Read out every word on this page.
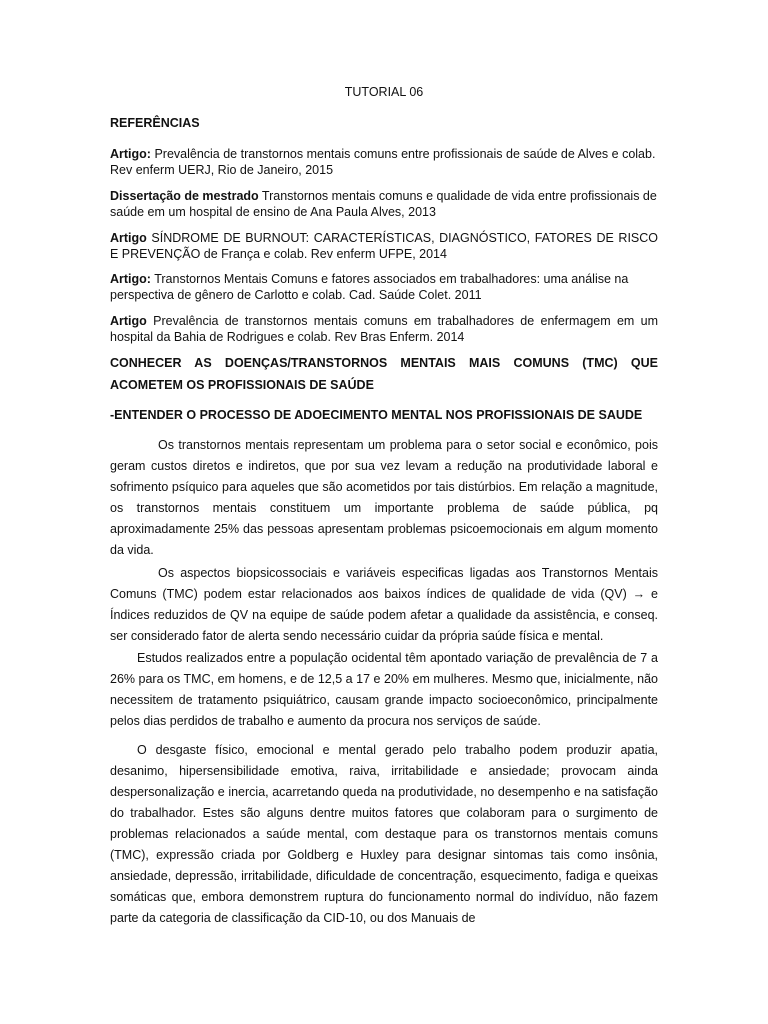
TUTORIAL 06
REFERÊNCIAS

Artigo: Prevalência de transtornos mentais comuns entre profissionais de saúde de Alves e colab. Rev enferm UERJ, Rio de Janeiro, 2015

Dissertação de mestrado Transtornos mentais comuns e qualidade de vida entre profissionais de saúde em um hospital de ensino de Ana Paula Alves, 2013

Artigo SÍNDROME DE BURNOUT: CARACTERÍSTICAS, DIAGNÓSTICO, FATORES DE RISCO E PREVENÇÃO de França e colab. Rev enferm UFPE, 2014

Artigo: Transtornos Mentais Comuns e fatores associados em trabalhadores: uma análise na perspectiva de gênero de Carlotto e colab. Cad. Saúde Colet. 2011

Artigo Prevalência de transtornos mentais comuns em trabalhadores de enfermagem em um hospital da Bahia de Rodrigues e colab. Rev Bras Enferm. 2014

CONHECER AS DOENÇAS/TRANSTORNOS MENTAIS MAIS COMUNS (TMC) QUE ACOMETEM OS PROFISSIONAIS DE SAÚDE

-ENTENDER O PROCESSO DE ADOECIMENTO MENTAL NOS PROFISSIONAIS DE SAUDE

Os transtornos mentais representam um problema para o setor social e econômico, pois geram custos diretos e indiretos, que por sua vez levam a redução na produtividade laboral e sofrimento psíquico para aqueles que são acometidos por tais distúrbios. Em relação a magnitude, os transtornos mentais constituem um importante problema de saúde pública, pq aproximadamente 25% das pessoas apresentam problemas psicoemocionais em algum momento da vida.

Os aspectos biopsicossociais e variáveis especificas ligadas aos Transtornos Mentais Comuns (TMC) podem estar relacionados aos baixos índices de qualidade de vida (QV) → e Índices reduzidos de QV na equipe de saúde podem afetar a qualidade da assistência, e conseq. ser considerado fator de alerta sendo necessário cuidar da própria saúde física e mental.

Estudos realizados entre a população ocidental têm apontado variação de prevalência de 7 a 26% para os TMC, em homens, e de 12,5 a 17 e 20% em mulheres. Mesmo que, inicialmente, não necessitem de tratamento psiquiátrico, causam grande impacto socioeconômico, principalmente pelos dias perdidos de trabalho e aumento da procura nos serviços de saúde.

O desgaste físico, emocional e mental gerado pelo trabalho podem produzir apatia, desanimo, hipersensibilidade emotiva, raiva, irritabilidade e ansiedade; provocam ainda despersonalização e inercia, acarretando queda na produtividade, no desempenho e na satisfação do trabalhador. Estes são alguns dentre muitos fatores que colaboram para o surgimento de problemas relacionados a saúde mental, com destaque para os transtornos mentais comuns (TMC), expressão criada por Goldberg e Huxley para designar sintomas tais como insônia, ansiedade, depressão, irritabilidade, dificuldade de concentração, esquecimento, fadiga e queixas somáticas que, embora demonstrem ruptura do funcionamento normal do indivíduo, não fazem parte da categoria de classificação da CID-10, ou dos Manuais de
